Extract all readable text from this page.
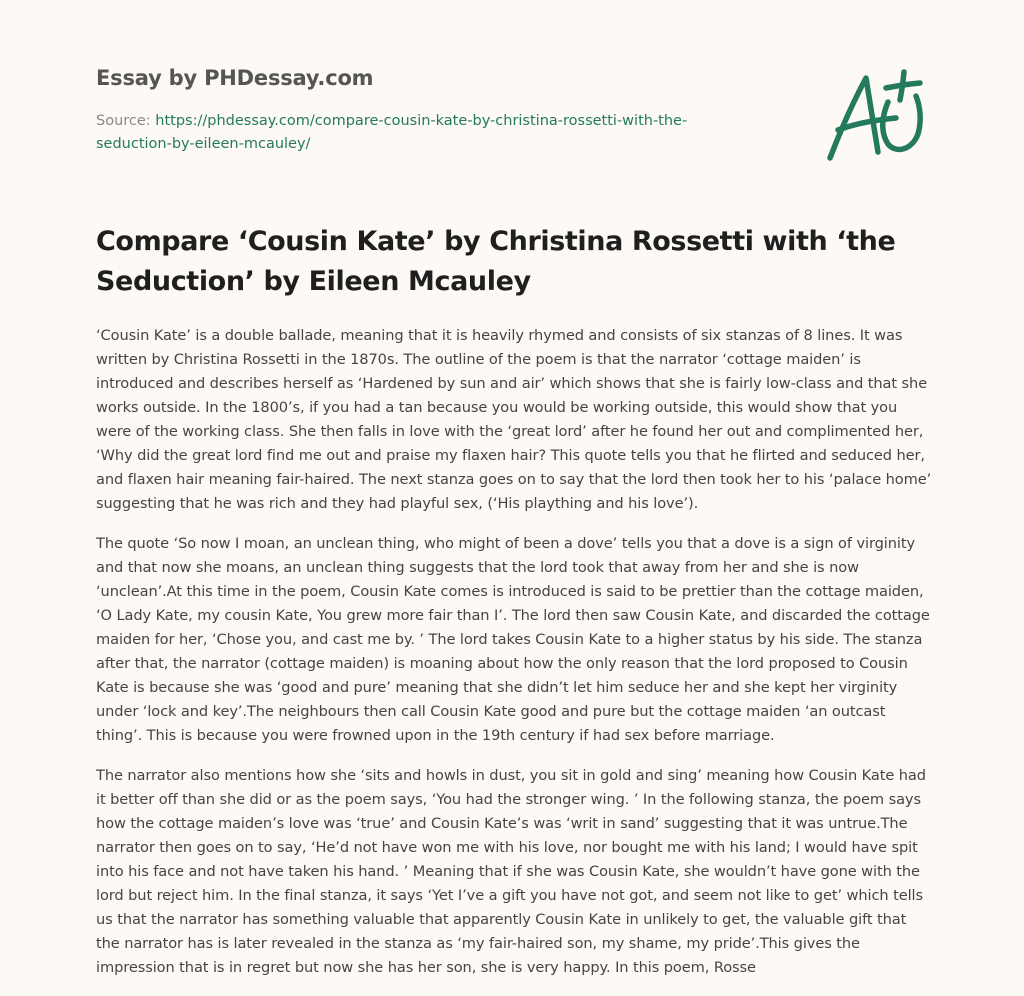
Essay by PHDessay.com
Source: https://phdessay.com/compare-cousin-kate-by-christina-rossetti-with-the-
seduction-by-eileen-mcauley/
Compare ‘Cousin Kate’ by Christina Rossetti with ‘the Seduction’ by Eileen Mcauley

‘Cousin Kate’ is a double ballade, meaning that it is heavily rhymed and consists of six stanzas of 8 lines. It was written by Christina Rossetti in the 1870s. The outline of the poem is that the narrator ‘cottage maiden’ is introduced and describes herself as ‘Hardened by sun and air’ which shows that she is fairly low-class and that she works outside. In the 1800’s, if you had a tan because you would be working outside, this would show that you were of the working class. She then falls in love with the ‘great lord’ after he found her out and complimented her, ‘Why did the great lord find me out and praise my flaxen hair? This quote tells you that he flirted and seduced her, and flaxen hair meaning fair-haired. The next stanza goes on to say that the lord then took her to his ‘palace home’ suggesting that he was rich and they had playful sex, (‘His plaything and his love’).

The quote ‘So now I moan, an unclean thing, who might of been a dove’ tells you that a dove is a sign of virginity and that now she moans, an unclean thing suggests that the lord took that away from her and she is now ‘unclean’.At this time in the poem, Cousin Kate comes is introduced is said to be prettier than the cottage maiden, ‘O Lady Kate, my cousin Kate, You grew more fair than I’. The lord then saw Cousin Kate, and discarded the cottage maiden for her, ‘Chose you, and cast me by. ’ The lord takes Cousin Kate to a higher status by his side. The stanza after that, the narrator (cottage maiden) is moaning about how the only reason that the lord proposed to Cousin Kate is because she was ‘good and pure’ meaning that she didn’t let him seduce her and she kept her virginity under ‘lock and key’.The neighbours then call Cousin Kate good and pure but the cottage maiden ‘an outcast thing’. This is because you were frowned upon in the 19th century if had sex before marriage.

The narrator also mentions how she ‘sits and howls in dust, you sit in gold and sing’ meaning how Cousin Kate had it better off than she did or as the poem says, ‘You had the stronger wing. ’ In the following stanza, the poem says how the cottage maiden’s love was ‘true’ and Cousin Kate’s was ‘writ in sand’ suggesting that it was untrue.The narrator then goes on to say, ‘He’d not have won me with his love, nor bought me with his land; I would have spit into his face and not have taken his hand. ’ Meaning that if she was Cousin Kate, she wouldn’t have gone with the lord but reject him. In the final stanza, it says ‘Yet I’ve a gift you have not got, and seem not like to get’ which tells us that the narrator has something valuable that apparently Cousin Kate in unlikely to get, the valuable gift that the narrator has is later revealed in the stanza as ‘my fair-haired son, my shame, my pride’.This gives the impression that is in regret but now she has her son, she is very happy. In this poem, Rosse
